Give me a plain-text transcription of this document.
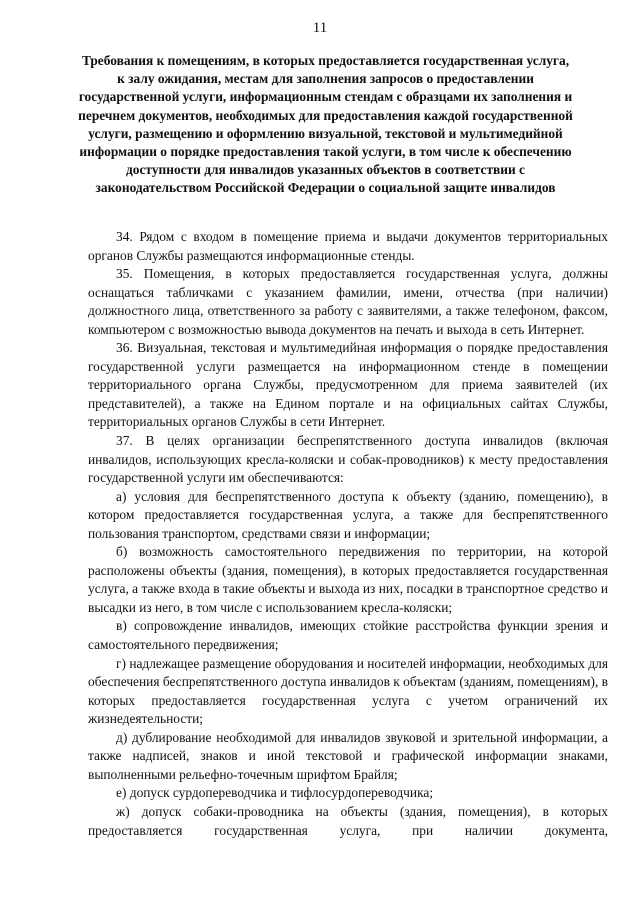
11
Требования к помещениям, в которых предоставляется государственная услуга, к залу ожидания, местам для заполнения запросов о предоставлении государственной услуги, информационным стендам с образцами их заполнения и перечнем документов, необходимых для предоставления каждой государственной услуги, размещению и оформлению визуальной, текстовой и мультимедийной информации о порядке предоставления такой услуги, в том числе к обеспечению доступности для инвалидов указанных объектов в соответствии с законодательством Российской Федерации о социальной защите инвалидов

34. Рядом с входом в помещение приема и выдачи документов территориальных органов Службы размещаются информационные стенды.

35. Помещения, в которых предоставляется государственная услуга, должны оснащаться табличками с указанием фамилии, имени, отчества (при наличии) должностного лица, ответственного за работу с заявителями, а также телефоном, факсом, компьютером с возможностью вывода документов на печать и выхода в сеть Интернет.

36. Визуальная, текстовая и мультимедийная информация о порядке предоставления государственной услуги размещается на информационном стенде в помещении территориального органа Службы, предусмотренном для приема заявителей (их представителей), а также на Едином портале и на официальных сайтах Службы, территориальных органов Службы в сети Интернет.

37. В целях организации беспрепятственного доступа инвалидов (включая инвалидов, использующих кресла-коляски и собак-проводников) к месту предоставления государственной услуги им обеспечиваются:

а) условия для беспрепятственного доступа к объекту (зданию, помещению), в котором предоставляется государственная услуга, а также для беспрепятственного пользования транспортом, средствами связи и информации;

б) возможность самостоятельного передвижения по территории, на которой расположены объекты (здания, помещения), в которых предоставляется государственная услуга, а также входа в такие объекты и выхода из них, посадки в транспортное средство и высадки из него, в том числе с использованием кресла-коляски;

в) сопровождение инвалидов, имеющих стойкие расстройства функции зрения и самостоятельного передвижения;

г) надлежащее размещение оборудования и носителей информации, необходимых для обеспечения беспрепятственного доступа инвалидов к объектам (зданиям, помещениям), в которых предоставляется государственная услуга с учетом ограничений их жизнедеятельности;

д) дублирование необходимой для инвалидов звуковой и зрительной информации, а также надписей, знаков и иной текстовой и графической информации знаками, выполненными рельефно-точечным шрифтом Брайля;

е) допуск сурдопереводчика и тифлосурдопереводчика;

ж) допуск собаки-проводника на объекты (здания, помещения), в которых предоставляется государственная услуга, при наличии документа,
